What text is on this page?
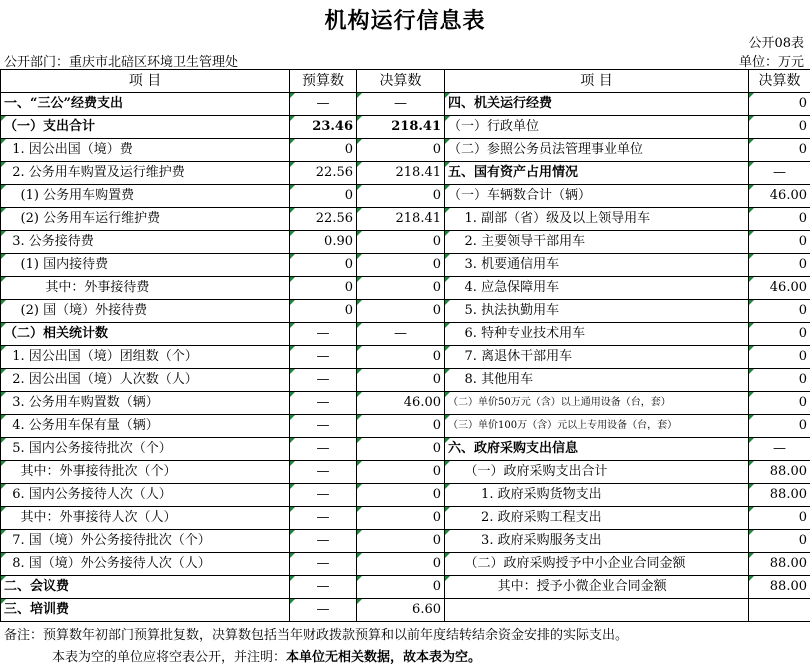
机构运行信息表
公开08表
公开部门：重庆市北碚区环境卫生管理处	单位：万元
项 目	预算数	决算数	项 目	决算数
一、“三公”经费支出	—	—	四、机关运行经费	0
（一）支出合计	23.46	218.41	（一）行政单位	0
1. 因公出国（境）费	0	0	（二）参照公务员法管理事业单位	0
2. 公务用车购置及运行维护费	22.56	218.41	五、国有资产占用情况	—
(1) 公务用车购置费	0	0	（一）车辆数合计（辆）	46.00
(2) 公务用车运行维护费	22.56	218.41	1. 副部（省）级及以上领导用车	0
3. 公务接待费	0.90	0	2. 主要领导干部用车	0
(1) 国内接待费	0	0	3. 机要通信用车	0
其中：外事接待费	0	0	4. 应急保障用车	46.00
(2) 国（境）外接待费	0	0	5. 执法执勤用车	0
（二）相关统计数	—	—	6. 特种专业技术用车	0
1. 因公出国（境）团组数（个）	—	0	7. 离退休干部用车	0
2. 因公出国（境）人次数（人）	—	0	8. 其他用车	0
3. 公务用车购置数（辆）	—	46.00	（二）单价50万元（含）以上通用设备（台，套）	0
4. 公务用车保有量（辆）	—	0	（三）单价100万（含）元以上专用设备（台，套）	0
5. 国内公务接待批次（个）	—	0	六、政府采购支出信息	—
其中：外事接待批次（个）	—	0	（一）政府采购支出合计	88.00
6. 国内公务接待人次（人）	—	0	1. 政府采购货物支出	88.00
其中：外事接待人次（人）	—	0	2. 政府采购工程支出	0
7. 国（境）外公务接待批次（个）	—	0	3. 政府采购服务支出	0
8. 国（境）外公务接待人次（人）	—	0	（二）政府采购授予中小企业合同金额	88.00
二、会议费	—	0	其中：授予小微企业合同金额	88.00
三、培训费	—	6.60		
备注：预算数年初部门预算批复数，决算数包括当年财政拨款预算和以前年度结转结余资金安排的实际支出。
本表为空的单位应将空表公开，并注明：本单位无相关数据，故本表为空。
